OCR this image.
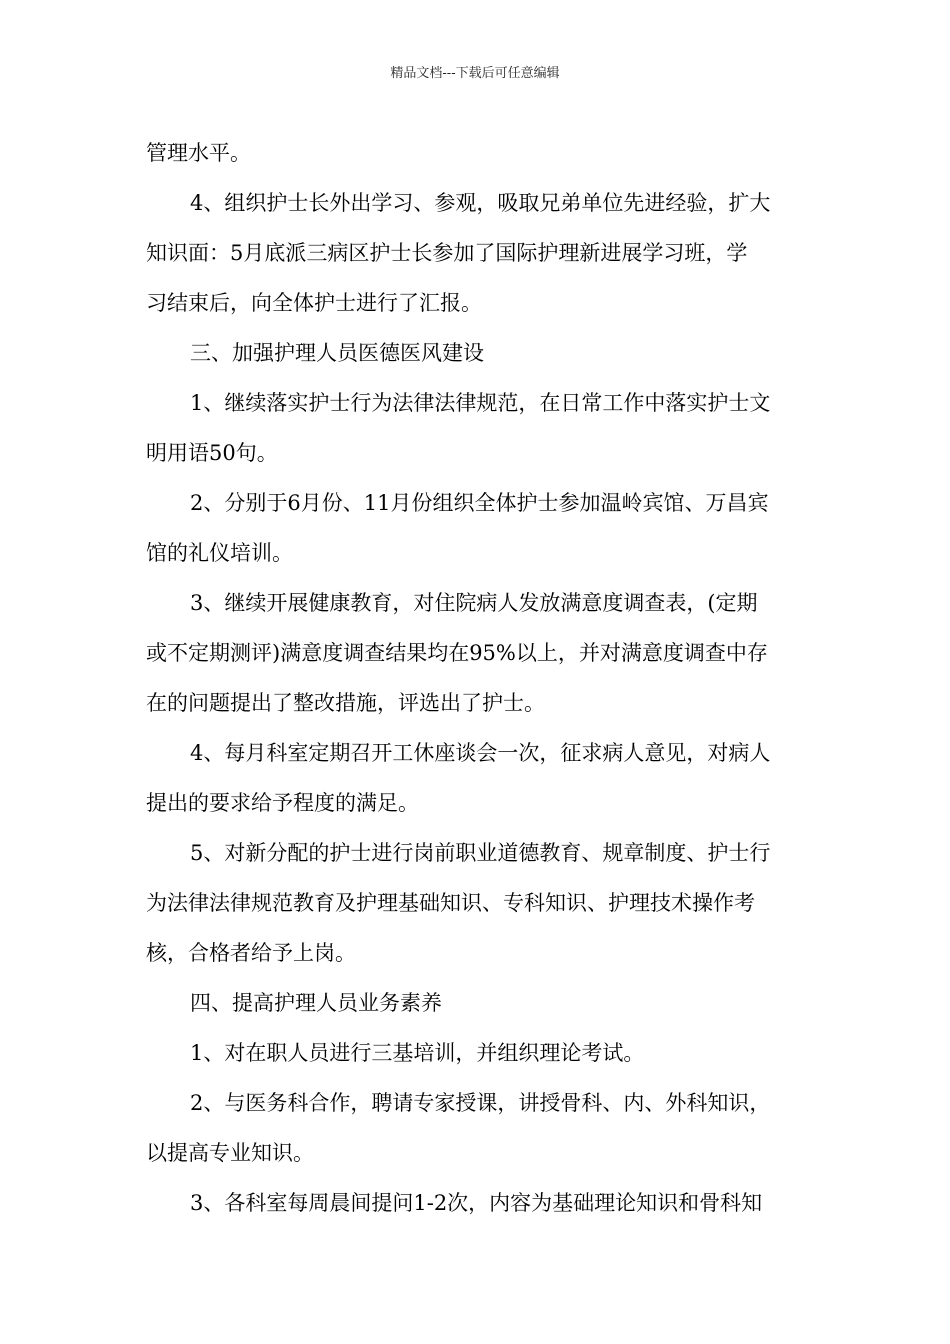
精品文档---下载后可任意编辑
管理水平。
4、组织护士长外出学习、参观，吸取兄弟单位先进经验，扩大
知识面：5月底派三病区护士长参加了国际护理新进展学习班，学
习结束后，向全体护士进行了汇报。
三、加强护理人员医德医风建设
1、继续落实护士行为法律法律规范，在日常工作中落实护士文
明用语50句。
2、分别于6月份、11月份组织全体护士参加温岭宾馆、万昌宾
馆的礼仪培训。
3、继续开展健康教育，对住院病人发放满意度调查表，(定期
或不定期测评)满意度调查结果均在95%以上，并对满意度调查中存
在的问题提出了整改措施，评选出了护士。
4、每月科室定期召开工休座谈会一次，征求病人意见，对病人
提出的要求给予程度的满足。
5、对新分配的护士进行岗前职业道德教育、规章制度、护士行
为法律法律规范教育及护理基础知识、专科知识、护理技术操作考
核，合格者给予上岗。
四、提高护理人员业务素养
1、对在职人员进行三基培训，并组织理论考试。
2、与医务科合作，聘请专家授课，讲授骨科、内、外科知识，
以提高专业知识。
3、各科室每周晨间提问1-2次，内容为基础理论知识和骨科知
